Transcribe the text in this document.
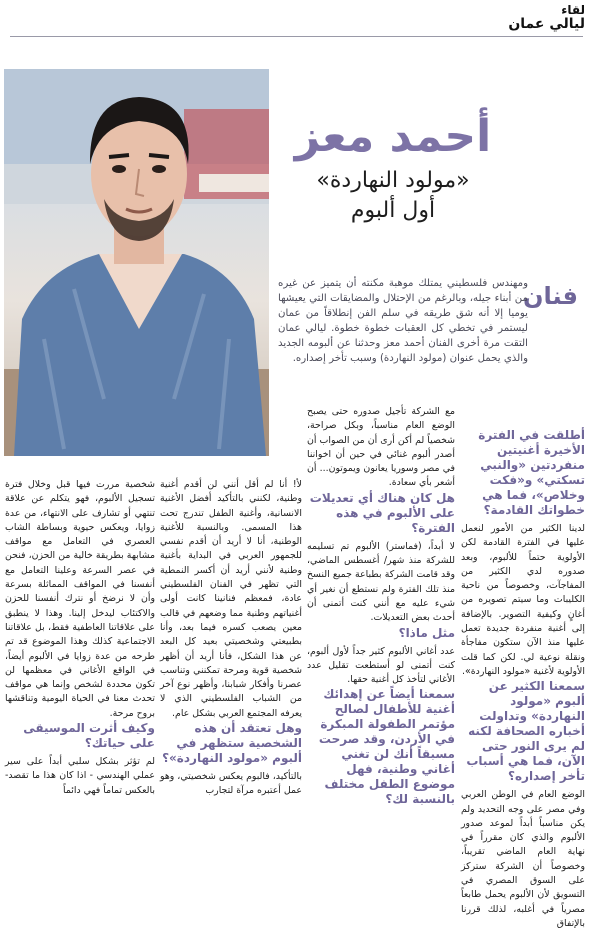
لقاء
ليالي عمان
أحمد معز
«مولود النهاردة»
أول ألبوم
فنان
ومهندس فلسطيني يمتلك موهبة مكنته أن يتميز عن غيره من أبناء جيله، وبالرغم من الإحتلال والمضايقات التي يعيشها يوميا إلا أنه شق طريقه في سلم الفن إنطلاقاً من عمان ليستمر في تخطي كل العقبات خطوة خطوة. ليالي عمان التقت مرة أخرى الفنان أحمد معز وحدثنا عن ألبومه الجديد والذي يحمل عنوان (مولود النهاردة) وسبب تأخر إصداره.
أطلقت في الفترة الأخيرة أغنيتين منفردتين «والنبي تسكتي» و«فكت وخلاص»، فما هي خطواتك القادمة؟

لدينا الكثير من الأمور لنعمل عليها في الفترة القادمة لكن الأولوية حتماً للألبوم، وبعد صدوره لدي الكثير من المفاجآت، وخصوصاً من ناحية الكليبات وما سيتم تصويره من أغانٍ وكيفية التصوير. بالإضافة إلى أغنية منفردة جديدة تعمل عليها منذ الآن ستكون مفاجأة ونقلة نوعية لي. لكن كما قلت الأولوية لأغنية «مولود النهاردة».

سمعنا الكثير عن ألبوم «مولود النهاردة» وتداولت أخباره الصحافة لكنه لم يرى النور حتى الآن، فما هي أسباب تأخر إصداره؟

الوضع العام في الوطن العربي وفي مصر على وجه التحديد ولم يكن مناسباً أبداً لموعد صدور الألبوم والذي كان مقرراً في نهاية العام الماضي تقريباً، وخصوصاً أن الشركة ستركز على السوق المصري في التسويق لأن الألبوم يحمل طابعاً مصرياً في أغلبه، لذلك قررنا بالإتفاق

مع الشركة تأجيل صدوره حتى يصبح الوضع العام مناسباً، وبكل صراحة، شخصياً لم أكن أرى أن من الصواب أن أصدر ألبوم غنائي في حين أن اخواننا في مصر وسوريا يعانون ويموتون... أن أشعر بأي سعادة.

هل كان هناك أي تعديلات على الألبوم في هذه الفترة؟

لا أبداً، (فماستر) الألبوم تم تسليمه للشركة منذ شهر/ أغسطس الماضي، وقد قامت الشركة بطباعة جميع النسخ منذ تلك الفترة ولم نستطع أن نغير أي شيء عليه مع أنني كنت أتمنى أن أحدث بعض التعديلات.

مثل ماذا؟

عدد أغاني الألبوم كثير جداً لأول ألبوم، كنت أتمنى لو أستطعت تقليل عدد الأغاني لتأخذ كل أغنية حقها.

سمعنا أيضاً عن إهدائك أغنية للأطفال لصالح مؤتمر الطفولة المبكرة في الأردن، وقد صرحت مسبقاً أنك لن تغني أغاني وطنية، فهل موضوع الطفل مختلف بالنسبة لك؟

لأ! أنا لم أقل أنني لن أقدم أغنية وطنية، لكنني بالتأكيد أفضل الأغنية الانسانية، وأغنية الطفل تندرج تحت هذا المسمى. وبالنسبة للأغنية الوطنية، أنا لا أريد أن أقدم نفسي للجمهور العربي في البداية بأغنية وطنية لأنني أريد أن أكسر النمطية التي تظهر في الفنان الفلسطيني عادة، فمعظم فنانينا كانت أولى أغنياتهم وطنية مما وضعهم في قالب معين يصعب كسره فيما بعد، وأنا بطبيعتي وشخصيتي بعيد كل البعد عن هذا الشكل، فأنا أريد أن أظهر شخصية قوية ومرحة تمكنني وتناسب عصرنا وأفكار شبابنا، وأظهر نوع آخر من الشباب الفلسطيني الذي لا يعرفه المجتمع العربي بشكل عام.

وهل تعتقد أن هذه الشخصية ستظهر في ألبوم «مولود النهاردة»؟

بالتأكيد، فالبوم يعكس شخصيتي، وهو عمل أعتبره مرآة لتجارب

شخصية مررت فيها قبل وخلال فترة تسجيل الألبوم، فهو يتكلم عن علاقة تنتهي أو تشارف على الانتهاء، من عدة زوايا، ويعكس حيوية وبساطة الشاب العصري في التعامل مع مواقف مشابهة بطريقة خالية من الحزن، فنحن في عصر السرعة وعلينا التعامل مع أنفسنا في المواقف المماثلة بسرعة وأن لا نرضخ أو نترك أنفسنا للحزن والاكتئاب ليدخل إلينا. وهذا لا ينطبق على علاقاتنا العاطفية فقط، بل علاقاتنا الاجتماعية كذلك وهذا الموضوع قد تم طرحه من عدة زوايا في الألبوم أيضاً، في الواقع الأغاني في معظمها لن تكون محددة لشخص وإنما هي مواقف تحدث معنا في الحياة اليومية وتناقشها بروح مرحة.

وكيف أثرت الموسيقى على حياتك؟

لم تؤثر بشكل سلبي أبداً على سير عملي الهندسي - اذا كان هذا ما تقصد- بالعكس تماماً فهي دائماً
